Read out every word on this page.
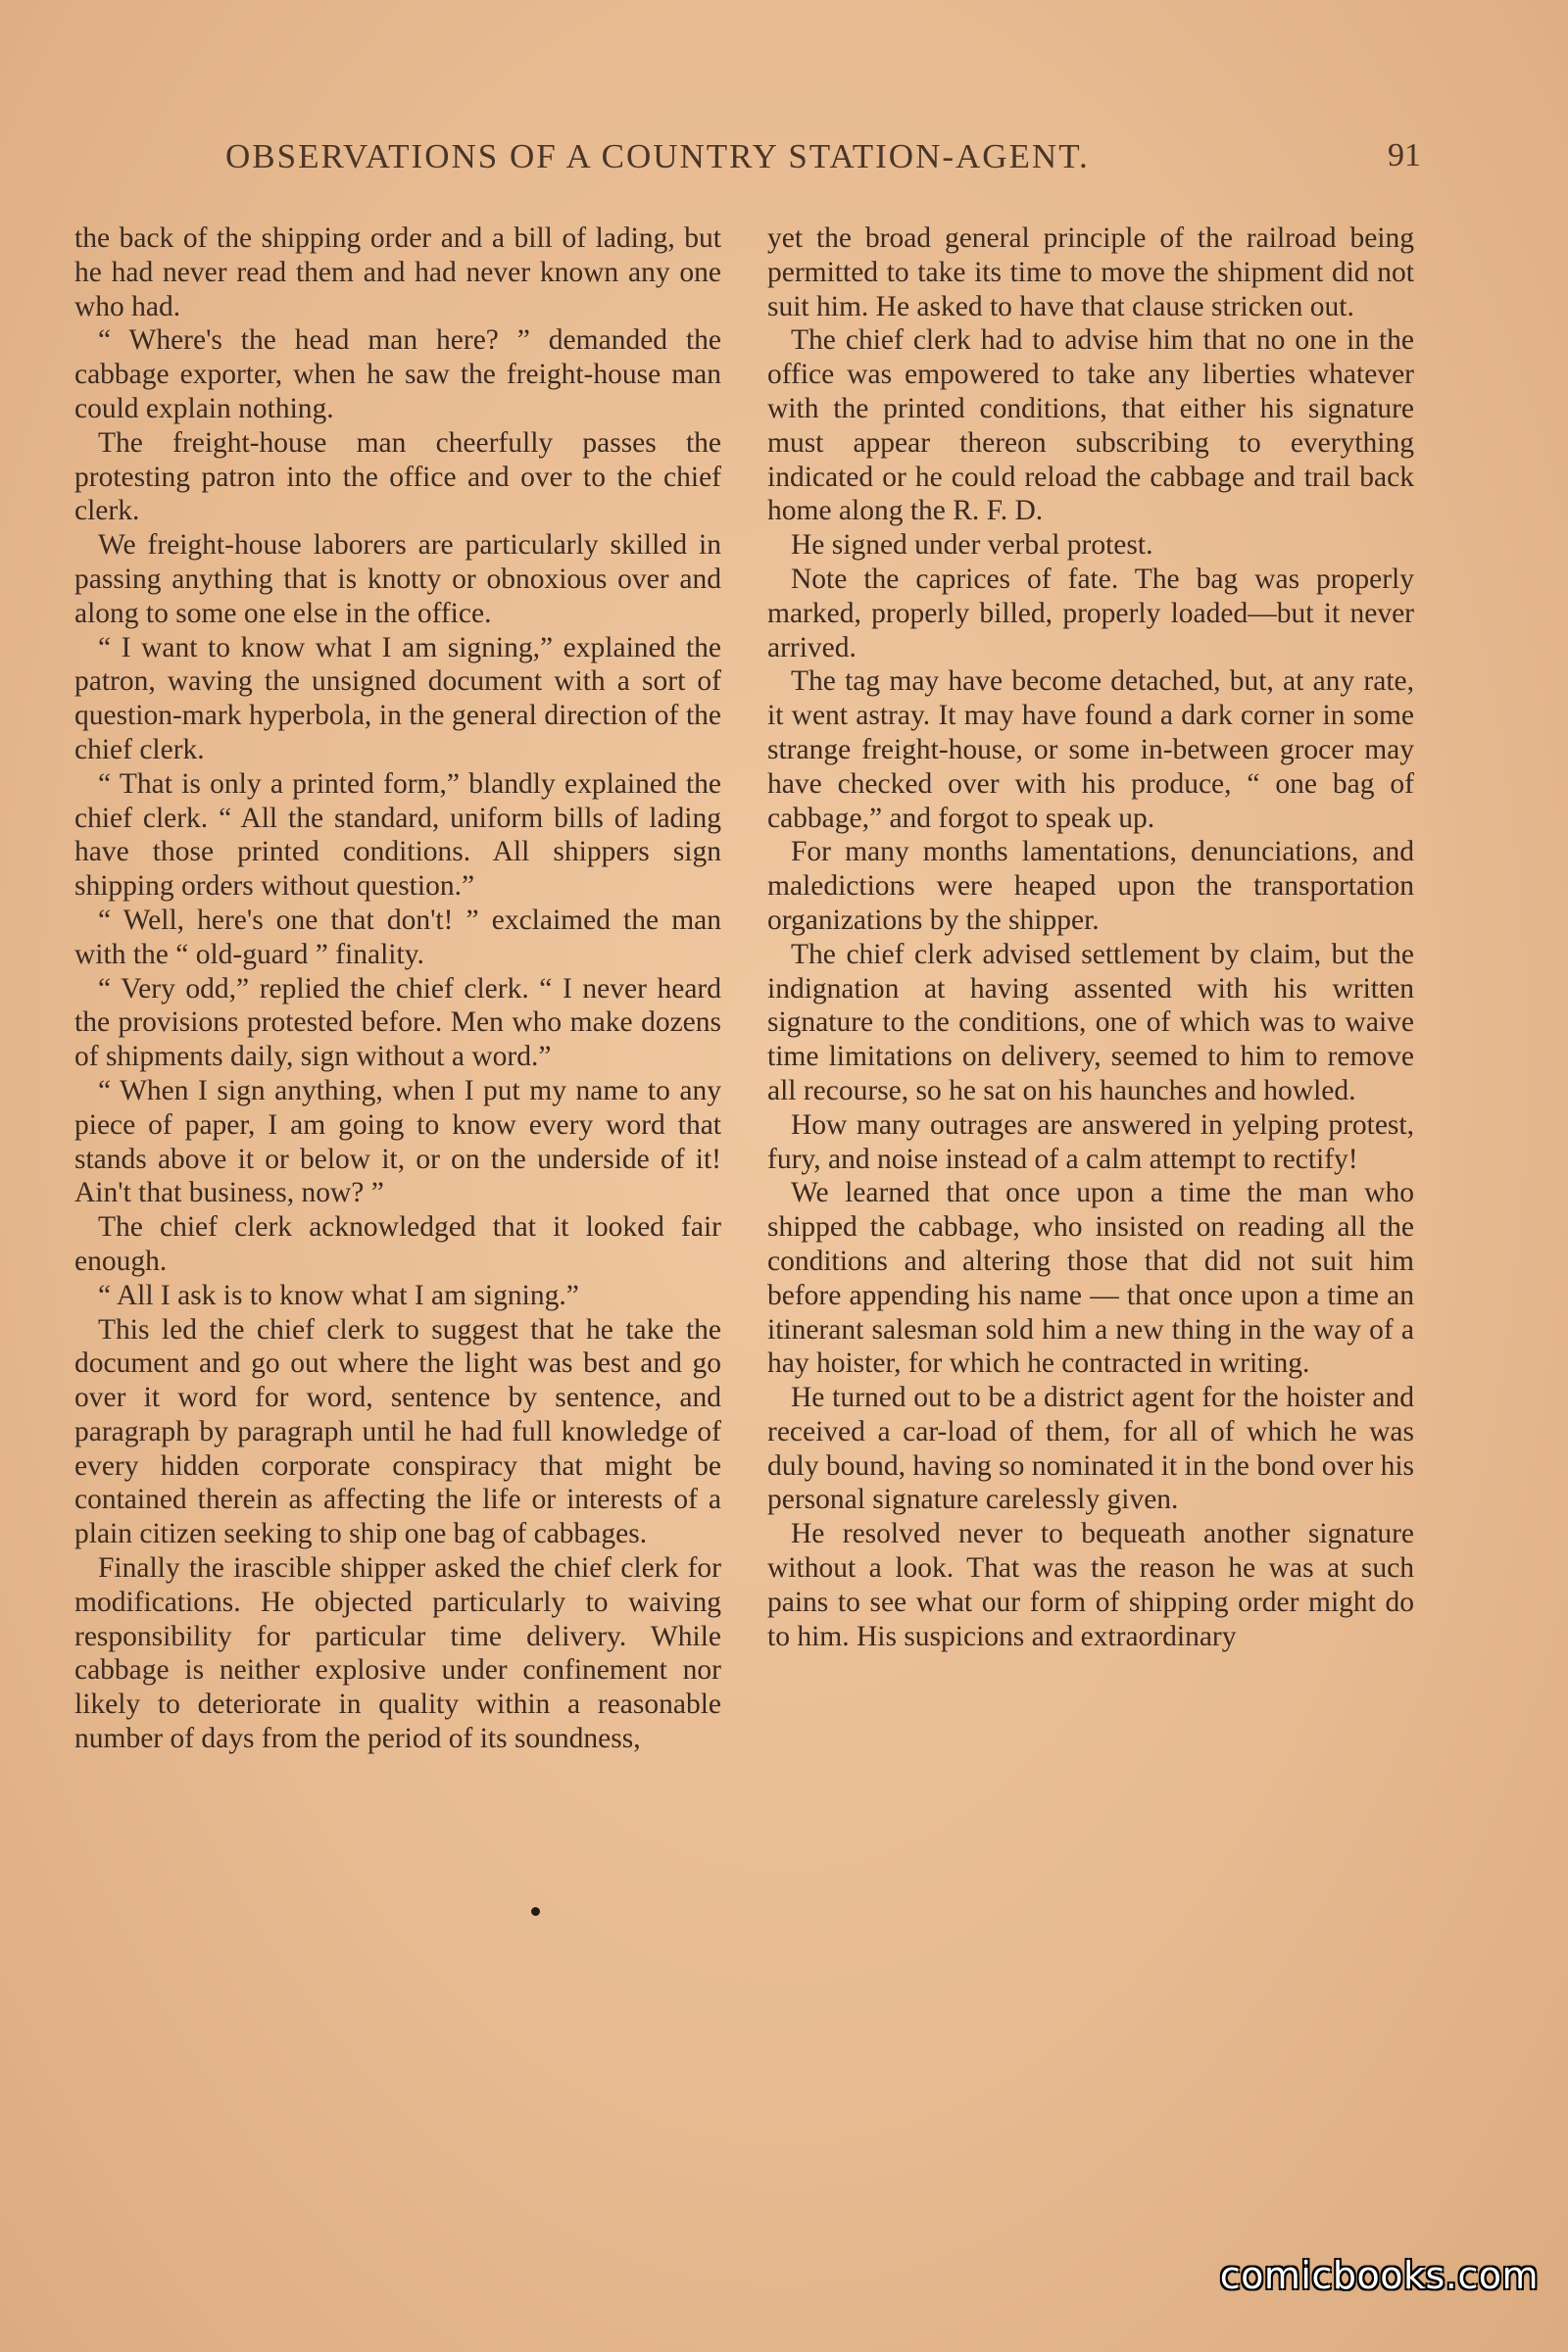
OBSERVATIONS OF A COUNTRY STATION-AGENT.	91

the back of the shipping order and a bill of lading, but he had never read them and had never known any one who had.

“ Where's the head man here? ” demanded the cabbage exporter, when he saw the freight-house man could explain nothing.

The freight-house man cheerfully passes the protesting patron into the office and over to the chief clerk.

We freight-house laborers are particularly skilled in passing anything that is knotty or obnoxious over and along to some one else in the office.

“ I want to know what I am signing,” explained the patron, waving the unsigned document with a sort of question-mark hyperbola, in the general direction of the chief clerk.

“ That is only a printed form,” blandly explained the chief clerk. “ All the standard, uniform bills of lading have those printed conditions. All shippers sign shipping orders without question.”

“ Well, here's one that don't! ” exclaimed the man with the “ old-guard ” finality.

“ Very odd,” replied the chief clerk. “ I never heard the provisions protested before. Men who make dozens of shipments daily, sign without a word.”

“ When I sign anything, when I put my name to any piece of paper, I am going to know every word that stands above it or below it, or on the underside of it! Ain't that business, now? ”

The chief clerk acknowledged that it looked fair enough.

“ All I ask is to know what I am signing.”

This led the chief clerk to suggest that he take the document and go out where the light was best and go over it word for word, sentence by sentence, and paragraph by paragraph until he had full knowledge of every hidden corporate conspiracy that might be contained therein as affecting the life or interests of a plain citizen seeking to ship one bag of cabbages.

Finally the irascible shipper asked the chief clerk for modifications. He objected particularly to waiving responsibility for particular time delivery. While cabbage is neither explosive under confinement nor likely to deteriorate in quality within a reasonable number of days from the period of its soundness,

yet the broad general principle of the railroad being permitted to take its time to move the shipment did not suit him. He asked to have that clause stricken out.

The chief clerk had to advise him that no one in the office was empowered to take any liberties whatever with the printed conditions, that either his signature must appear thereon subscribing to everything indicated or he could reload the cabbage and trail back home along the R. F. D.

He signed under verbal protest.

Note the caprices of fate. The bag was properly marked, properly billed, properly loaded—but it never arrived.

The tag may have become detached, but, at any rate, it went astray. It may have found a dark corner in some strange freight-house, or some in-between grocer may have checked over with his produce, “ one bag of cabbage,” and forgot to speak up.

For many months lamentations, denunciations, and maledictions were heaped upon the transportation organizations by the shipper.

The chief clerk advised settlement by claim, but the indignation at having assented with his written signature to the conditions, one of which was to waive time limitations on delivery, seemed to him to remove all recourse, so he sat on his haunches and howled.

How many outrages are answered in yelping protest, fury, and noise instead of a calm attempt to rectify!

We learned that once upon a time the man who shipped the cabbage, who insisted on reading all the conditions and altering those that did not suit him before appending his name — that once upon a time an itinerant salesman sold him a new thing in the way of a hay hoister, for which he contracted in writing.

He turned out to be a district agent for the hoister and received a car-load of them, for all of which he was duly bound, having so nominated it in the bond over his personal signature carelessly given.

He resolved never to bequeath another signature without a look. That was the reason he was at such pains to see what our form of shipping order might do to him. His suspicions and extraordinary

comicbooks.com
